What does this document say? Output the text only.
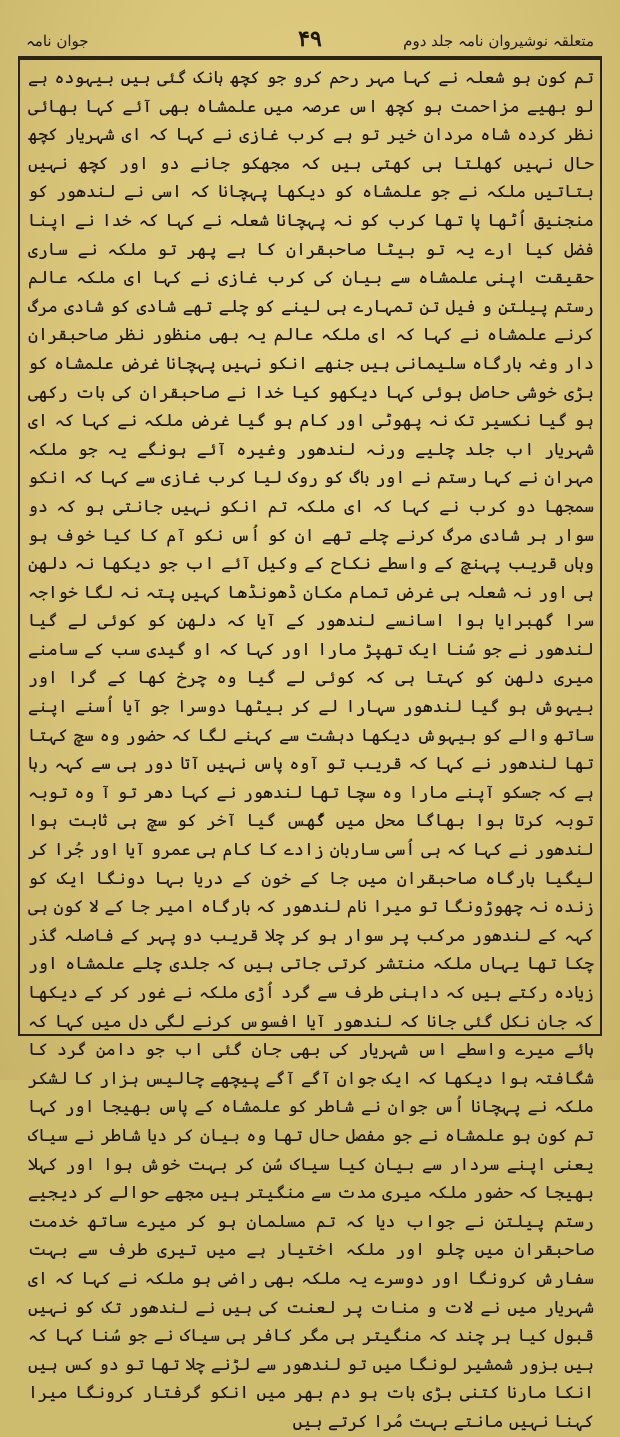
متعلقہ نوشیروان نامہ جلد دوم
۴۹
جوان نامہ

تم کون ہو شعلہ نے کہا مہر رحم کرو جو کچھ ہانک گئی ہیں بیہودہ ہے لو بھیے مزاحمت ہو کچھ اس عرصہ میں علمشاہ بھی آئے کہا بھائی نظر کردہ شاہ مردان خیر تو ہے کرب غازی نے کہا کہ ای شہریار کچھ حال نہیں کھلتا ہی کھتی ہیں کہ مجھکو جانے دو اور کچھ نہیں بتاتیں ملکہ نے جو علمشاہ کو دیکھا پہچانا کہ اسی نے لندھور کو منجنیق اُٹھا پا تھا کرب کو نہ پہچانا شعلہ نے کہا کہ خدا نے اپنا فضل کیا ارے یہ تو بیٹا صاحبقران کا ہے پھر تو ملکہ نے ساری حقیقت اپنی علمشاہ سے بیان کی کرب غازی نے کہا ای ملکہ عالم رستم پیلتن و فیل تن تمہارے ہی لینے کو چلے تھے شادی کو شادی مرگ کرنے علمشاہ نے کہا کہ ای ملکہ عالم یہ بھی منظور نظر صاحبقران دار وغہ بارگاہ سلیمانی ہیں جنھے انکو نہیں پہچانا غرض علمشاہ کو بڑی خوشی حاصل ہوئی کہا دیکھو کیا خدا نے صاحبقران کی بات رکھی ہو گیا نکسیر تک نہ پھوٹی اور کام ہو گیا غرض ملکہ نے کہا کہ ای شہریار اب جلد چلیے ورنہ لندھور وغیرہ آئے ہونگے یہ جو ملکہ مہران نے کہا رستم نے اور باگ کو روک لیا کرب غازی سے کہا کہ انکو سمجھا دو کرب نے کہا کہ ای ملکہ تم انکو نہیں جانتی ہو کہ دو سوار ہر شادی مرگ کرنے چلے تھے ان کو اُس نکو آم کا کیا خوف ہو وہاں قریب پہنچ کے واسطے نکاح کے وکیل آئے اب جو دیکھا نہ دلھن ہی اور نہ شعلہ ہی غرض تمام مکان ڈھونڈھا کہیں پتہ نہ لگا خواجہ سرا گھبرایا ہوا اسانسے لندھور کے آیا کہ دلھن کو کوئی لے گیا لندھور نے جو سُنا ایک تھپڑ مارا اور کہا کہ او گیدی سب کے سامنے میری دلھن کو کہتا ہی کہ کوئی لے گیا وہ چرخ کھا کے گرا اور بیہوش ہو گیا لندھور سہارا لے کر بیٹھا دوسرا جو آیا اُسنے اپنے ساتھ والے کو بیہوش دیکھا دہشت سے کہنے لگا کہ حضور وہ سچ کہتا تھا لندھور نے کہا کہ قریب تو آوہ پاس نہیں آتا دور ہی سے کہہ رہا ہے کہ جسکو آپنے مارا وہ سچا تھا لندھور نے کہا دھر تو آ وہ توبہ توبہ کرتا ہوا بھاگا محل میں گُھس گیا آخر کو سچ ہی ثابت ہوا لندھور نے کہا کہ ہی اُسی ساربان زادے کا کام ہی عمرو آیا اور جُرا کر لیگیا بارگاہ صاحبقران میں جا کے خون کے دریا بہا دونگا ایک کو زندہ نہ چھوڑونگا تو میرا نام لندھور کہ بارگاہ امیر جا کے لا کون ہی کہہ کے لندھور مرکب پر سوار ہو کر چلا قریب دو پہر کے فاصلہ گذر چکا تھا یہاں ملکہ منتشر کرتی جاتی ہیں کہ جلدی چلے علمشاہ اور زیادہ رکتے ہیں کہ داہنی طرف سے گرد اُڑی ملکہ نے غور کر کے دیکھا کہ جان نکل گئی جانا کہ لندھور آیا افسوس کرنے لگی دل میں کہا کہ ہائے میرے واسطے اس شہریار کی بھی جان گئی اب جو دامن گرد کا شگافتہ ہوا دیکھا کہ ایک جوان آگے آگے پیچھے چالیس ہزار کا لشکر ملکہ نے پہچانا اُس جوان نے شاطر کو علمشاہ کے پاس بھیجا اور کہا تم کون ہو علمشاہ نے جو مفصل حال تھا وہ بیان کر دیا شاطر نے سیاک یعنی اپنے سردار سے بیان کیا سیاک سُن کر بہت خوش ہوا اور کہلا بھیجا کہ حضور ملکہ میری مدت سے منگیتر ہیں مجھے حوالے کر دیجیے رستم پیلتن نے جواب دیا کہ تم مسلمان ہو کر میرے ساتھ خدمت صاحبقران میں چلو اور ملکہ اختیار ہے میں تیری طرف سے بہت سفارش کرونگا اور دوسرے یہ ملکہ بھی راضی ہو ملکہ نے کہا کہ ای شہریار میں نے لات و منات پر لعنت کی ہیں نے لندھور تک کو نہیں قبول کیا ہر چند کہ منگیتر ہی مگر کافر ہی سیاک نے جو سُنا کہا کہ ہیں بزور شمشیر لونگا میں تو لندھور سے لڑنے چلا تھا تو دو کس ہیں انکا مارنا کتنی بڑی بات ہو دم بھر میں انکو گرفتار کرونگا میرا کہنا نہیں مانتے بہت مُرا کرتے ہیں
